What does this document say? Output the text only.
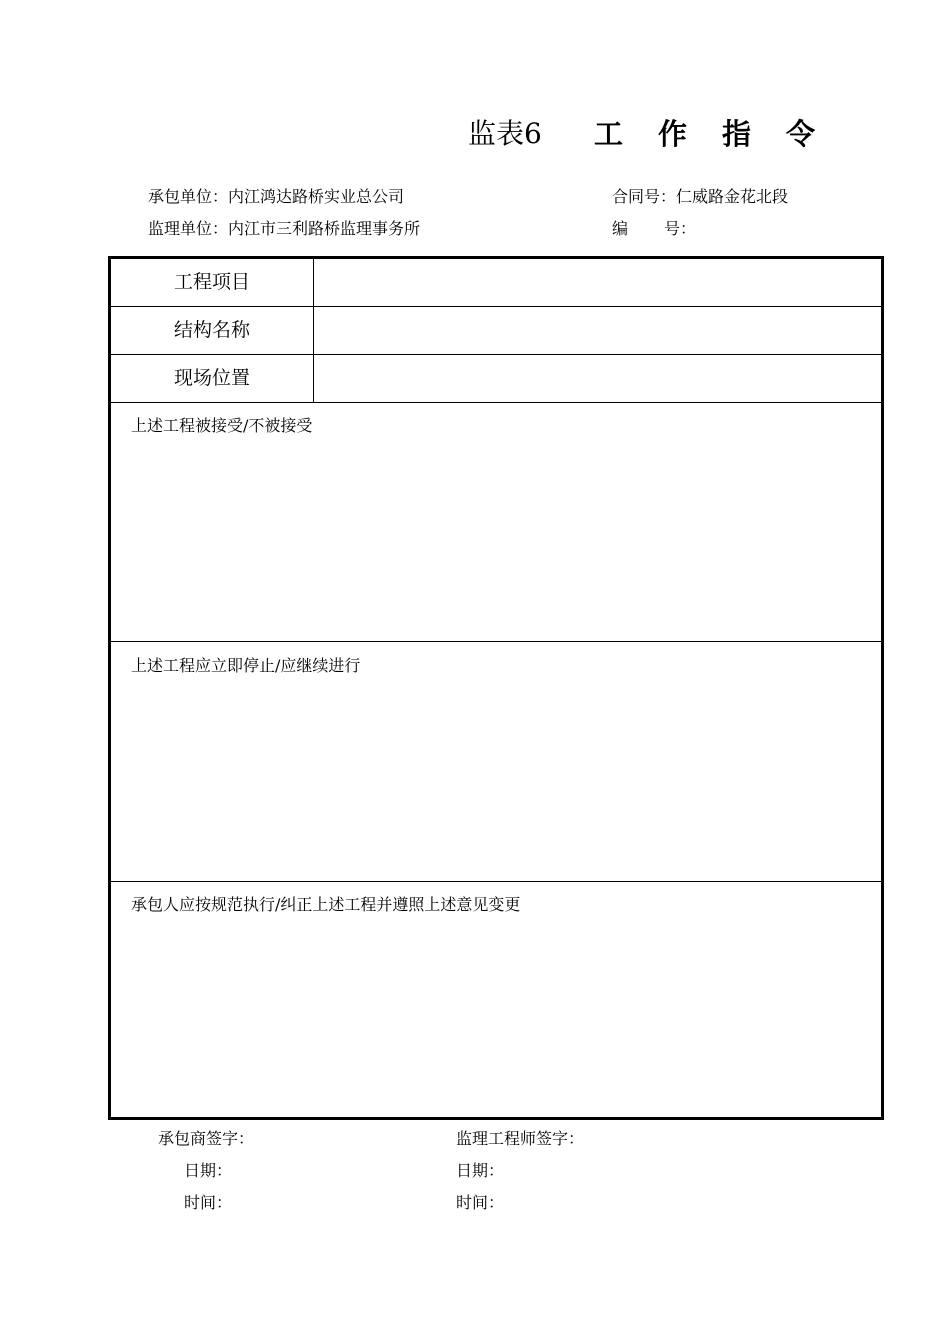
监表6 工 作 指 令
承包单位：内江鸿达路桥实业总公司
监理单位：内江市三利路桥监理事务所
合同号：仁威路金花北段
编 号：
工程项目
结构名称
现场位置
上述工程被接受/不被接受
上述工程应立即停止/应继续进行
承包人应按规范执行/纠正上述工程并遵照上述意见变更
承包商签字：
日期：
时间：
监理工程师签字：
日期：
时间：
